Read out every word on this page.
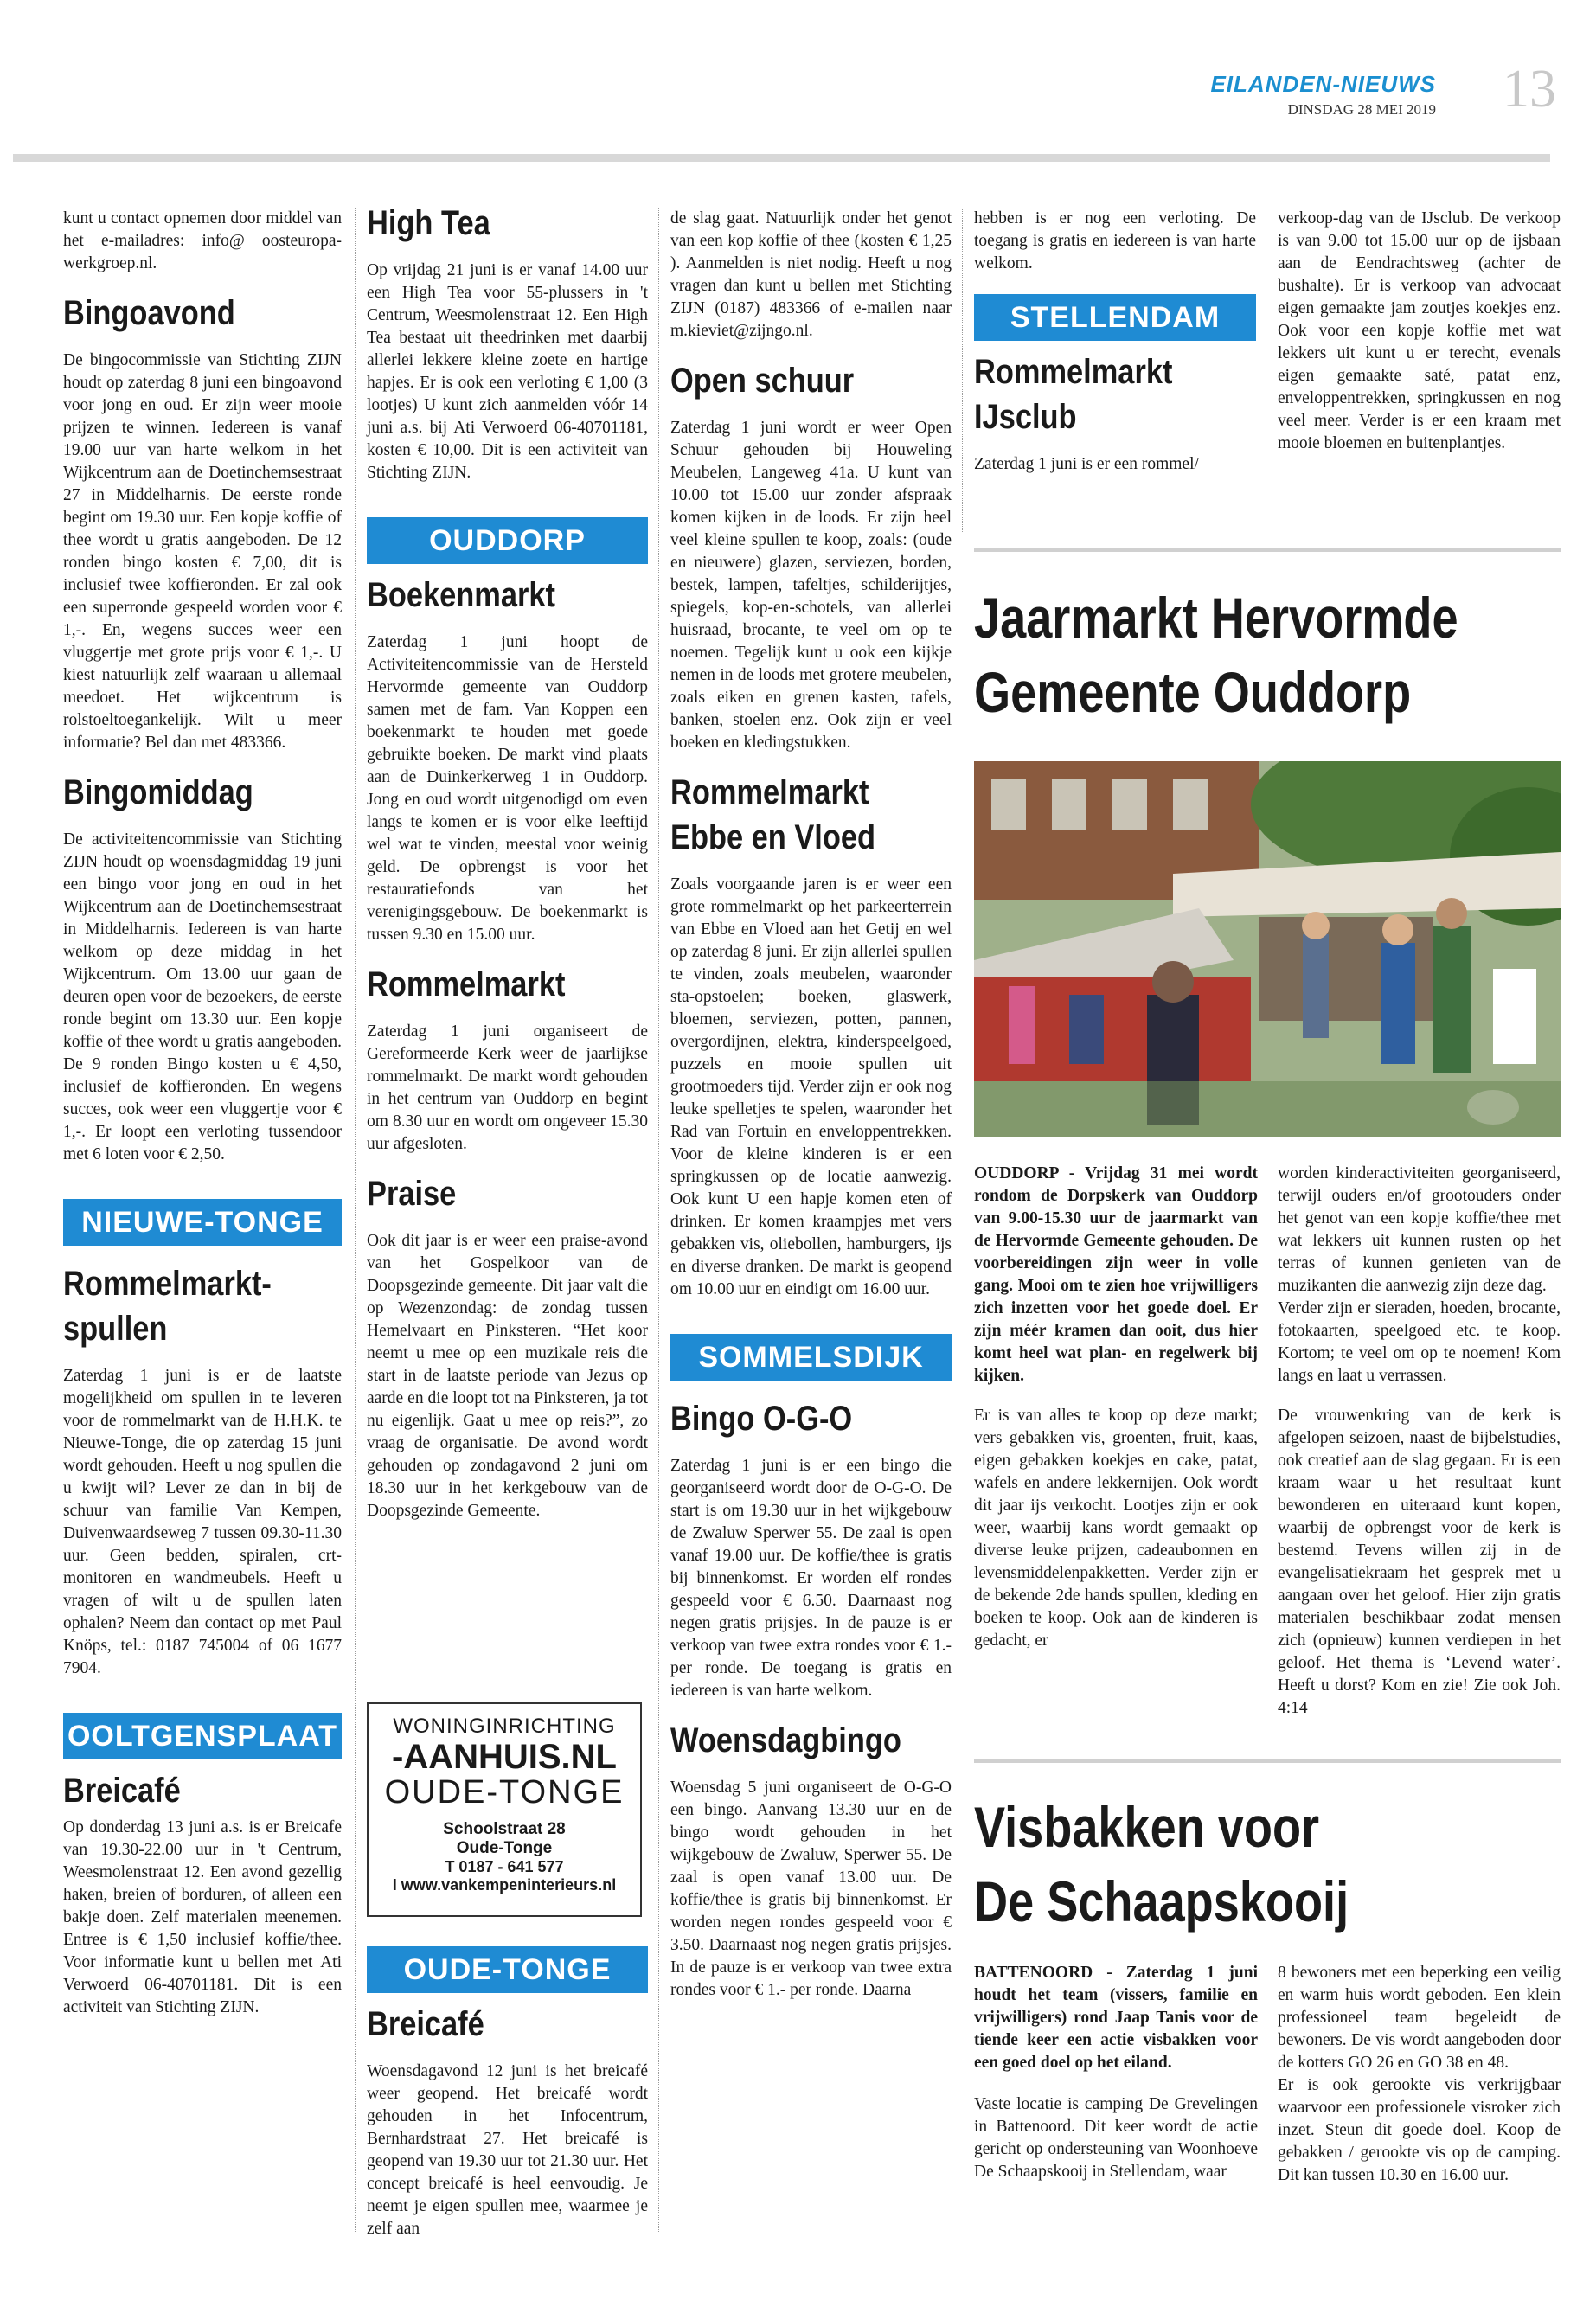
EILANDEN-NIEUWS
DINSDAG 28 MEI 2019 13

kunt u contact opnemen door middel van het e-mailadres: info@ oosteuropa-werkgroep.nl.

Bingoavond

De bingocommissie van Stichting ZIJN houdt op zaterdag 8 juni een bingoavond voor jong en oud. Er zijn weer mooie prijzen te winnen. Iedereen is vanaf 19.00 uur van harte welkom in het Wijkcentrum aan de Doetinchemsestraat 27 in Middelharnis. De eerste ronde begint om 19.30 uur. Een kopje koffie of thee wordt u gratis aangeboden. De 12 ronden bingo kosten € 7,00, dit is inclusief twee koffieronden. Er zal ook een superronde gespeeld worden voor € 1,-. En, wegens succes weer een vluggertje met grote prijs voor € 1,-. U kiest natuurlijk zelf waaraan u allemaal meedoet. Het wijkcentrum is rolstoeltoegankelijk. Wilt u meer informatie? Bel dan met 483366.

Bingomiddag

De activiteitencommissie van Stichting ZIJN houdt op woensdagmiddag 19 juni een bingo voor jong en oud in het Wijkcentrum aan de Doetinchemsestraat in Middelharnis. Iedereen is van harte welkom op deze middag in het Wijkcentrum. Om 13.00 uur gaan de deuren open voor de bezoekers, de eerste ronde begint om 13.30 uur. Een kopje koffie of thee wordt u gratis aangeboden. De 9 ronden Bingo kosten u € 4,50, inclusief de koffieronden. En wegens succes, ook weer een vluggertje voor € 1,-. Er loopt een verloting tussendoor met 6 loten voor € 2,50.

NIEUWE-TONGE
Rommelmarkt-
spullen

Zaterdag 1 juni is er de laatste mogelijkheid om spullen in te leveren voor de rommelmarkt van de H.H.K. te Nieuwe-Tonge, die op zaterdag 15 juni wordt gehouden. Heeft u nog spullen die u kwijt wil? Lever ze dan in bij de schuur van familie Van Kempen, Duivenwaardseweg 7 tussen 09.30-11.30 uur. Geen bedden, spiralen, crt-monitoren en wandmeubels. Heeft u vragen of wilt u de spullen laten ophalen? Neem dan contact op met Paul Knöps, tel.: 0187 745004 of 06 1677 7904.

OOLTGENSPLAAT
Breicafé

Op donderdag 13 juni a.s. is er Breicafe van 19.30-22.00 uur in 't Centrum, Weesmolenstraat 12. Een avond gezellig haken, breien of borduren, of alleen een bakje doen. Zelf materialen meenemen. Entree is € 1,50 inclusief koffie/thee. Voor informatie kunt u bellen met Ati Verwoerd 06-40701181. Dit is een activiteit van Stichting ZIJN.

High Tea

Op vrijdag 21 juni is er vanaf 14.00 uur een High Tea voor 55-plussers in 't Centrum, Weesmolenstraat 12. Een High Tea bestaat uit theedrinken met daarbij allerlei lekkere kleine zoete en hartige hapjes. Er is ook een verloting € 1,00 (3 lootjes) U kunt zich aanmelden vóór 14 juni a.s. bij Ati Verwoerd 06-40701181, kosten € 10,00. Dit is een activiteit van Stichting ZIJN.

OUDDORP
Boekenmarkt

Zaterdag 1 juni hoopt de Activiteitencommissie van de Hersteld Hervormde gemeente van Ouddorp samen met de fam. Van Koppen een boekenmarkt te houden met goede gebruikte boeken. De markt vind plaats aan de Duinkerkerweg 1 in Ouddorp. Jong en oud wordt uitgenodigd om even langs te komen er is voor elke leeftijd wel wat te vinden, meestal voor weinig geld. De opbrengst is voor het restauratiefonds van het verenigingsgebouw. De boekenmarkt is tussen 9.30 en 15.00 uur.

Rommelmarkt

Zaterdag 1 juni organiseert de Gereformeerde Kerk weer de jaarlijkse rommelmarkt. De markt wordt gehouden in het centrum van Ouddorp en begint om 8.30 uur en wordt om ongeveer 15.30 uur afgesloten.

Praise

Ook dit jaar is er weer een praise-avond van het Gospelkoor van de Doopsgezinde gemeente. Dit jaar valt die op Wezenzondag: de zondag tussen Hemelvaart en Pinksteren. “Het koor neemt u mee op een muzikale reis die start in de laatste periode van Jezus op aarde en die loopt tot na Pinksteren, ja tot nu eigenlijk. Gaat u mee op reis?”, zo vraag de organisatie. De avond wordt gehouden op zondagavond 2 juni om 18.30 uur in het kerkgebouw van de Doopsgezinde Gemeente.

WONINGINRICHTING
-AANHUIS.NL
OUDE-TONGE
Schoolstraat 28
Oude-Tonge
T 0187 - 641 577
I www.vankempeninterieurs.nl
OUDE-TONGE
Breicafé

Woensdagavond 12 juni is het breicafé weer geopend. Het breicafé wordt gehouden in het Infocentrum, Bernhardstraat 27. Het breicafé is geopend van 19.30 uur tot 21.30 uur. Het concept breicafé is heel eenvoudig. Je neemt je eigen spullen mee, waarmee je zelf aan

de slag gaat. Natuurlijk onder het genot van een kop koffie of thee (kosten € 1,25 ). Aanmelden is niet nodig. Heeft u nog vragen dan kunt u bellen met Stichting ZIJN (0187) 483366 of e-mailen naar m.kieviet@zijngo.nl.

Open schuur

Zaterdag 1 juni wordt er weer Open Schuur gehouden bij Houweling Meubelen, Langeweg 41a. U kunt van 10.00 tot 15.00 uur zonder afspraak komen kijken in de loods. Er zijn heel veel kleine spullen te koop, zoals: (oude en nieuwere) glazen, serviezen, borden, bestek, lampen, tafeltjes, schilderijtjes, spiegels, kop-en-schotels, van allerlei huisraad, brocante, te veel om op te noemen. Tegelijk kunt u ook een kijkje nemen in de loods met grotere meubelen, zoals eiken en grenen kasten, tafels, banken, stoelen enz. Ook zijn er veel boeken en kledingstukken.

Rommelmarkt
Ebbe en Vloed

Zoals voorgaande jaren is er weer een grote rommelmarkt op het parkeerterrein van Ebbe en Vloed aan het Getij en wel op zaterdag 8 juni. Er zijn allerlei spullen te vinden, zoals meubelen, waaronder sta-opstoelen; boeken, glaswerk, bloemen, serviezen, potten, pannen, overgordijnen, elektra, kinderspeelgoed, puzzels en mooie spullen uit grootmoeders tijd. Verder zijn er ook nog leuke spelletjes te spelen, waaronder het Rad van Fortuin en enveloppentrekken. Voor de kleine kinderen is er een springkussen op de locatie aanwezig. Ook kunt U een hapje komen eten of drinken. Er komen kraampjes met vers gebakken vis, oliebollen, hamburgers, ijs en diverse dranken. De markt is geopend om 10.00 uur en eindigt om 16.00 uur.

SOMMELSDIJK
Bingo O-G-O

Zaterdag 1 juni is er een bingo die georganiseerd wordt door de O-G-O. De start is om 19.30 uur in het wijkgebouw de Zwaluw Sperwer 55. De zaal is open vanaf 19.00 uur. De koffie/thee is gratis bij binnenkomst. Er worden elf rondes gespeeld voor € 6.50. Daarnaast nog negen gratis prijsjes. In de pauze is er verkoop van twee extra rondes voor € 1.- per ronde. De toegang is gratis en iedereen is van harte welkom.

Woensdagbingo

Woensdag 5 juni organiseert de O-G-O een bingo. Aanvang 13.30 uur en de bingo wordt gehouden in het wijkgebouw de Zwaluw, Sperwer 55. De zaal is open vanaf 13.00 uur. De koffie/thee is gratis bij binnenkomst. Er worden negen rondes gespeeld voor € 3.50. Daarnaast nog negen gratis prijsjes. In de pauze is er verkoop van twee extra rondes voor € 1.- per ronde. Daarna

hebben is er nog een verloting. De toegang is gratis en iedereen is van harte welkom.

STELLENDAM
Rommelmarkt
IJsclub

Zaterdag 1 juni is er een rommel/

verkoop-dag van de IJsclub. De verkoop is van 9.00 tot 15.00 uur op de ijsbaan aan de Eendrachtsweg (achter de bushalte). Er is verkoop van advocaat eigen gemaakte jam zoutjes koekjes enz. Ook voor een kopje koffie met wat lekkers uit kunt u er terecht, evenals eigen gemaakte saté, patat enz, enveloppentrekken, springkussen en nog veel meer. Verder is er een kraam met mooie bloemen en buitenplantjes.

Jaarmarkt Hervormde
Gemeente Ouddorp

OUDDORP - Vrijdag 31 mei wordt rondom de Dorpskerk van Ouddorp van 9.00-15.30 uur de jaarmarkt van de Hervormde Gemeente gehouden. De voorbereidingen zijn weer in volle gang. Mooi om te zien hoe vrijwilligers zich inzetten voor het goede doel. Er zijn méér kramen dan ooit, dus hier komt heel wat plan- en regelwerk bij kijken.

Er is van alles te koop op deze markt; vers gebakken vis, groenten, fruit, kaas, eigen gebakken koekjes en cake, patat, wafels en andere lekkernijen. Ook wordt dit jaar ijs verkocht. Lootjes zijn er ook weer, waarbij kans wordt gemaakt op diverse leuke prijzen, cadeaubonnen en levensmiddelenpakketten. Verder zijn er de bekende 2de hands spullen, kleding en boeken te koop. Ook aan de kinderen is gedacht, er

worden kinderactiviteiten georganiseerd, terwijl ouders en/of grootouders onder het genot van een kopje koffie/thee met wat lekkers uit kunnen rusten op het terras of kunnen genieten van de muzikanten die aanwezig zijn deze dag.

Verder zijn er sieraden, hoeden, brocante, fotokaarten, speelgoed etc. te koop. Kortom; te veel om op te noemen! Kom langs en laat u verrassen.

De vrouwenkring van de kerk is afgelopen seizoen, naast de bijbelstudies, ook creatief aan de slag gegaan. Er is een kraam waar u het resultaat kunt bewonderen en uiteraard kunt kopen, waarbij de opbrengst voor de kerk is bestemd. Tevens willen zij in de evangelisatiekraam het gesprek met u aangaan over het geloof. Hier zijn gratis materialen beschikbaar zodat mensen zich (opnieuw) kunnen verdiepen in het geloof. Het thema is ‘Levend water’. Heeft u dorst? Kom en zie! Zie ook Joh. 4:14

Visbakken voor
De Schaapskooij

BATTENOORD - Zaterdag 1 juni houdt het team (vissers, familie en vrijwilligers) rond Jaap Tanis voor de tiende keer een actie visbakken voor een goed doel op het eiland.

Vaste locatie is camping De Grevelingen in Battenoord. Dit keer wordt de actie gericht op ondersteuning van Woonhoeve De Schaapskooij in Stellendam, waar

8 bewoners met een beperking een veilig en warm huis wordt geboden. Een klein professioneel team begeleidt de bewoners. De vis wordt aangeboden door de kotters GO 26 en GO 38 en 48.

Er is ook gerookte vis verkrijgbaar waarvoor een professionele visroker zich inzet. Steun dit goede doel. Koop de gebakken / gerookte vis op de camping. Dit kan tussen 10.30 en 16.00 uur.
